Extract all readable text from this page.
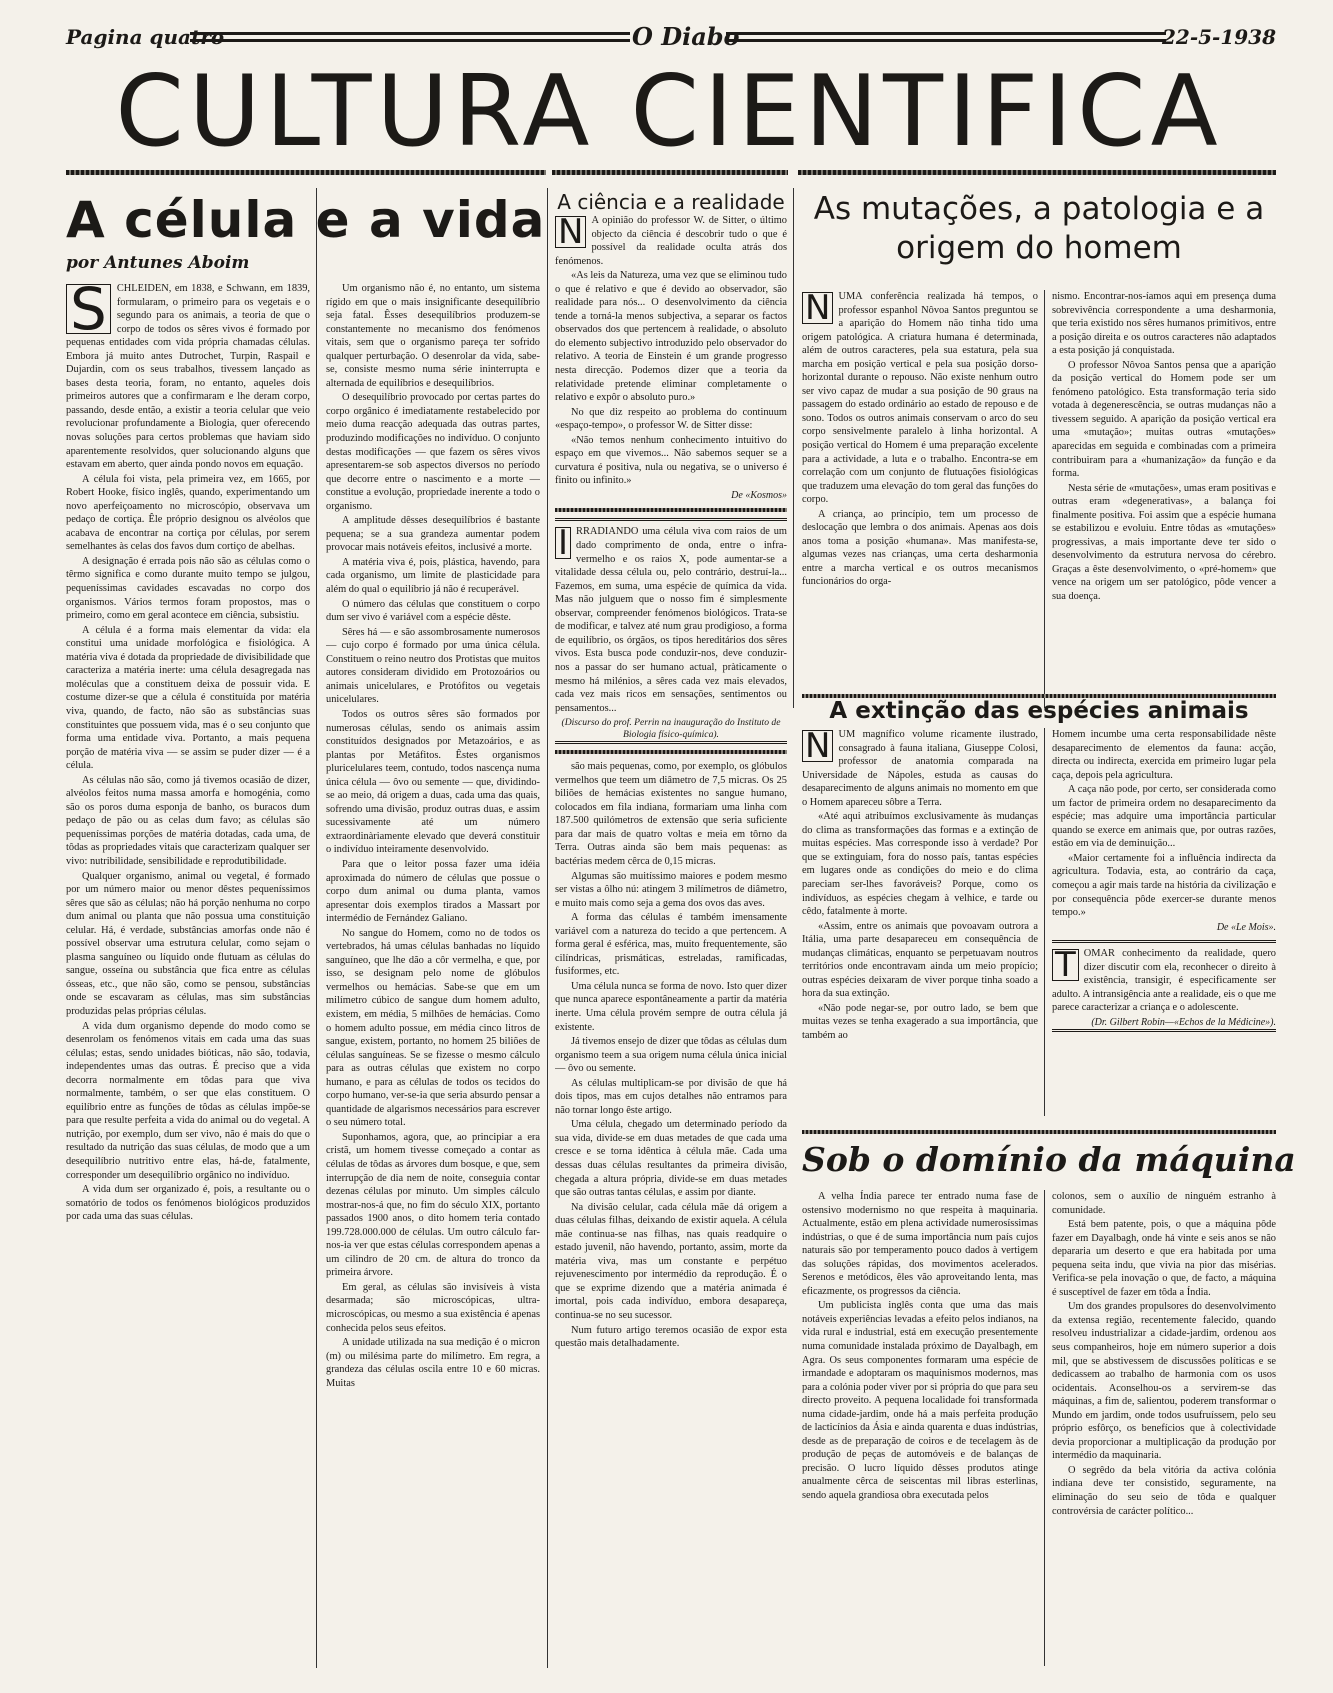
Pagina quatro	O Diabo	22-5-1938
CULTURA CIENTIFICA
A célula e a vida
por Antunes Aboim

S CHLEIDEN, em 1838, e Schwann, em 1839, formularam, o primeiro para os vegetais e o segundo para os animais, a teoria de que o corpo de todos os sêres vivos é formado por pequenas entidades com vida própria chamadas células. Embora já muito antes Dutrochet, Turpin, Raspail e Dujardin, com os seus trabalhos, tivessem lançado as bases desta teoria, foram, no entanto, aqueles dois primeiros autores que a confirmaram e lhe deram corpo, passando, desde então, a existir a teoria celular que veio revolucionar profundamente a Biologia, quer oferecendo novas soluções para certos problemas que haviam sido aparentemente resolvidos, quer solucionando alguns que estavam em aberto, quer ainda pondo novos em equação.

A célula foi vista, pela primeira vez, em 1665, por Robert Hooke, físico inglês, quando, experimentando um novo aperfeiçoamento no microscópio, observava um pedaço de cortiça. Êle próprio designou os alvéolos que acabava de encontrar na cortiça por células, por serem semelhantes às celas dos favos dum cortiço de abelhas.

A designação é errada pois não são as células como o têrmo significa e como durante muito tempo se julgou, pequeníssimas cavidades escavadas no corpo dos organismos. Vários termos foram propostos, mas o primeiro, como em geral acontece em ciência, subsistiu.

A célula é a forma mais elementar da vida: ela constitui uma unidade morfológica e fisiológica. A matéria viva é dotada da propriedade de divisibilidade que caracteriza a matéria inerte: uma célula desagregada nas moléculas que a constituem deixa de possuir vida. E costume dizer-se que a célula é constituída por matéria viva, quando, de facto, não são as substâncias suas constituintes que possuem vida, mas é o seu conjunto que forma uma entidade viva. Portanto, a mais pequena porção de matéria viva — se assim se puder dizer — é a célula.

As células não são, como já tivemos ocasião de dizer, alvéolos feitos numa massa amorfa e homogénia, como são os poros duma esponja de banho, os buracos dum pedaço de pão ou as celas dum favo; as células são pequeníssimas porções de matéria dotadas, cada uma, de tôdas as propriedades vitais que caracterizam qualquer ser vivo: nutribilidade, sensibilidade e reprodutibilidade.

Qualquer organismo, animal ou vegetal, é formado por um número maior ou menor dêstes pequeníssimos sêres que são as células; não há porção nenhuma no corpo dum animal ou planta que não possua uma constituição celular. Há, é verdade, substâncias amorfas onde não é possível observar uma estrutura celular, como sejam o plasma sanguíneo ou líquido onde flutuam as células do sangue, osseína ou substância que fica entre as células ósseas, etc., que não são, como se pensou, substâncias onde se escavaram as células, mas sim substâncias produzidas pelas próprias células.

A vida dum organismo depende do modo como se desenrolam os fenómenos vitais em cada uma das suas células; estas, sendo unidades bióticas, não são, todavia, independentes umas das outras. É preciso que a vida decorra normalmente em tôdas para que viva normalmente, também, o ser que elas constituem. O equilíbrio entre as funções de tôdas as células impõe-se para que resulte perfeita a vida do animal ou do vegetal. A nutrição, por exemplo, dum ser vivo, não é mais do que o resultado da nutrição das suas células, de modo que a um desequilíbrio nutritivo entre elas, há-de, fatalmente, corresponder um desequilíbrio orgânico no indivíduo.

A vida dum ser organizado é, pois, a resultante ou o somatório de todos os fenómenos biológicos produzidos por cada uma das suas células.

Um organismo não é, no entanto, um sistema rígido em que o mais insignificante desequilíbrio seja fatal. Êsses desequilíbrios produzem-se constantemente no mecanismo dos fenómenos vitais, sem que o organismo pareça ter sofrido qualquer perturbação. O desenrolar da vida, sabe-se, consiste mesmo numa série ininterrupta e alternada de equilíbrios e desequilíbrios.

O desequilíbrio provocado por certas partes do corpo orgânico é imediatamente restabelecido por meio duma reacção adequada das outras partes, produzindo modificações no indivíduo. O conjunto destas modificações — que fazem os sêres vivos apresentarem-se sob aspectos diversos no período que decorre entre o nascimento e a morte — constitue a evolução, propriedade inerente a todo o organismo.

A amplitude dêsses desequilíbrios é bastante pequena; se a sua grandeza aumentar podem provocar mais notáveis efeitos, inclusivé a morte.

A matéria viva é, pois, plástica, havendo, para cada organismo, um limite de plasticidade para além do qual o equilíbrio já não é recuperável.

O número das células que constituem o corpo dum ser vivo é variável com a espécie dêste.

Sêres há — e são assombrosamente numerosos — cujo corpo é formado por uma única célula. Constituem o reino neutro dos Protistas que muitos autores consideram dividido em Protozoários ou animais unicelulares, e Protófitos ou vegetais unicelulares.

Todos os outros sêres são formados por numerosas células, sendo os animais assim constituídos designados por Metazoários, e as plantas por Metáfitos. Êstes organismos pluricelulares teem, contudo, todos nascença numa única célula — ôvo ou semente — que, dividindo-se ao meio, dá origem a duas, cada uma das quais, sofrendo uma divisão, produz outras duas, e assim sucessivamente até um número extraordinàriamente elevado que deverá constituir o indivíduo inteiramente desenvolvido.

Para que o leitor possa fazer uma idéia aproximada do número de células que possue o corpo dum animal ou duma planta, vamos apresentar dois exemplos tirados a Massart por intermédio de Fernández Galiano.

No sangue do Homem, como no de todos os vertebrados, há umas células banhadas no líquido sanguíneo, que lhe dão a côr vermelha, e que, por isso, se designam pelo nome de glóbulos vermelhos ou hemácias. Sabe-se que em um milímetro cúbico de sangue dum homem adulto, existem, em média, 5 milhões de hemácias. Como o homem adulto possue, em média cinco litros de sangue, existem, portanto, no homem 25 biliões de células sanguíneas. Se se fizesse o mesmo cálculo para as outras células que existem no corpo humano, e para as células de todos os tecidos do corpo humano, ver-se-ia que seria absurdo pensar a quantidade de algarismos necessários para escrever o seu número total.

Suponhamos, agora, que, ao principiar a era cristã, um homem tivesse começado a contar as células de tôdas as árvores dum bosque, e que, sem interrupção de dia nem de noite, conseguia contar dezenas células por minuto. Um simples cálculo mostrar-nos-á que, no fim do século XIX, portanto passados 1900 anos, o dito homem teria contado 199.728.000.000 de células. Um outro cálculo far-nos-ia ver que estas células correspondem apenas a um cilindro de 20 cm. de altura do tronco da primeira árvore.

Em geral, as células são invisíveis à vista desarmada; são microscópicas, ultra-microscópicas, ou mesmo a sua existência é apenas conhecida pelos seus efeitos.

A unidade utilizada na sua medição é o micron (m) ou milésima parte do milímetro. Em regra, a grandeza das células oscila entre 10 e 60 micras. Muitas

A ciência e a realidade

N A opinião do professor W. de Sitter, o último objecto da ciência é descobrir tudo o que é possível da realidade oculta atrás dos fenómenos.

«As leis da Natureza, uma vez que se eliminou tudo o que é relativo e que é devido ao observador, são realidade para nós... O desenvolvimento da ciência tende a torná-la menos subjectiva, a separar os factos observados dos que pertencem à realidade, o absoluto do elemento subjectivo introduzido pelo observador do relativo. A teoria de Einstein é um grande progresso nesta direcção. Podemos dizer que a teoria da relatividade pretende eliminar completamente o relativo e expôr o absoluto puro.»

No que diz respeito ao problema do continuum «espaço-tempo», o professor W. de Sitter disse:

«Não temos nenhum conhecimento intuitivo do espaço em que vivemos... Não sabemos sequer se a curvatura é positiva, nula ou negativa, se o universo é finito ou infinito.»

De «Kosmos»

I RRADIANDO uma célula viva com raios de um dado comprimento de onda, entre o infra-vermelho e os raios X, pode aumentar-se a vitalidade dessa célula ou, pelo contrário, destruí-la... Fazemos, em suma, uma espécie de química da vida. Mas não julguem que o nosso fim é simplesmente observar, compreender fenómenos biológicos. Trata-se de modificar, e talvez até num grau prodigioso, a forma de equilíbrio, os órgãos, os tipos hereditários dos sêres vivos. Esta busca pode conduzir-nos, deve conduzir-nos a passar do ser humano actual, pràticamente o mesmo há milénios, a sêres cada vez mais elevados, cada vez mais ricos em sensações, sentimentos ou pensamentos...

(Discurso do prof. Perrin na inauguração do Instituto de Biologia físico-química).

são mais pequenas, como, por exemplo, os glóbulos vermelhos que teem um diâmetro de 7,5 micras. Os 25 biliões de hemácias existentes no sangue humano, colocados em fila indiana, formariam uma linha com 187.500 quilómetros de extensão que seria suficiente para dar mais de quatro voltas e meia em tôrno da Terra. Outras ainda são bem mais pequenas: as bactérias medem cêrca de 0,15 micras.

Algumas são muitíssimo maiores e podem mesmo ser vistas a ôlho nú: atingem 3 milímetros de diâmetro, e muito mais como seja a gema dos ovos das aves.

A forma das células é também imensamente variável com a natureza do tecido a que pertencem. A forma geral é esférica, mas, muito frequentemente, são cilíndricas, prismáticas, estreladas, ramificadas, fusiformes, etc.

Uma célula nunca se forma de novo. Isto quer dizer que nunca aparece espontâneamente a partir da matéria inerte. Uma célula provém sempre de outra célula já existente.

Já tivemos ensejo de dizer que tôdas as células dum organismo teem a sua origem numa célula única inicial — ôvo ou semente.

As células multiplicam-se por divisão de que há dois tipos, mas em cujos detalhes não entramos para não tornar longo êste artigo.

Uma célula, chegado um determinado período da sua vida, divide-se em duas metades de que cada uma cresce e se torna idêntica à célula mãe. Cada uma dessas duas células resultantes da primeira divisão, chegada a altura própria, divide-se em duas metades que são outras tantas células, e assim por diante.

Na divisão celular, cada célula mãe dá origem a duas células filhas, deixando de existir aquela. A célula mãe continua-se nas filhas, nas quais readquire o estado juvenil, não havendo, portanto, assim, morte da matéria viva, mas um constante e perpétuo rejuvenescimento por intermédio da reprodução. É o que se exprime dizendo que a matéria animada é imortal, pois cada indivíduo, embora desapareça, continua-se no seu sucessor.

Num futuro artigo teremos ocasião de expor esta questão mais detalhadamente.

As mutações, a patologia e a origem do homem

N UMA conferência realizada há tempos, o professor espanhol Nôvoa Santos preguntou se a aparição do Homem não tinha tido uma origem patológica. A criatura humana é determinada, além de outros caracteres, pela sua estatura, pela sua marcha em posição vertical e pela sua posição dorso-horizontal durante o repouso. Não existe nenhum outro ser vivo capaz de mudar a sua posição de 90 graus na passagem do estado ordinário ao estado de repouso e de sono. Todos os outros animais conservam o arco do seu corpo sensivelmente paralelo à linha horizontal. A posição vertical do Homem é uma preparação excelente para a actividade, a luta e o trabalho. Encontra-se em correlação com um conjunto de flutuações fisiológicas que traduzem uma elevação do tom geral das funções do corpo.

A criança, ao princípio, tem um processo de deslocação que lembra o dos animais. Apenas aos dois anos toma a posição «humana». Mas manifesta-se, algumas vezes nas crianças, uma certa desharmonia entre a marcha vertical e os outros mecanismos funcionários do orga-

nismo. Encontrar-nos-íamos aqui em presença duma sobrevivência correspondente a uma desharmonia, que teria existido nos sêres humanos primitivos, entre a posição direita e os outros caracteres não adaptados a esta posição já conquistada.

O professor Nôvoa Santos pensa que a aparição da posição vertical do Homem pode ser um fenómeno patológico. Esta transformação teria sido votada à degenerescência, se outras mudanças não a tivessem seguido. A aparição da posição vertical era uma «mutação»; muitas outras «mutações» aparecidas em seguida e combinadas com a primeira contribuiram para a «humanização» da função e da forma.

Nesta série de «mutações», umas eram positivas e outras eram «degenerativas», a balança foi finalmente positiva. Foi assim que a espécie humana se estabilizou e evoluiu. Entre tôdas as «mutações» progressivas, a mais importante deve ter sido o desenvolvimento da estrutura nervosa do cérebro. Graças a êste desenvolvimento, o «pré-homem» que vence na origem um ser patológico, pôde vencer a sua doença.

A extinção das espécies animais

N UM magnífico volume ricamente ilustrado, consagrado à fauna italiana, Giuseppe Colosi, professor de anatomia comparada na Universidade de Nápoles, estuda as causas do desaparecimento de alguns animais no momento em que o Homem apareceu sôbre a Terra.

«Até aqui atribuímos exclusivamente às mudanças do clima as transformações das formas e a extinção de muitas espécies. Mas corresponde isso à verdade? Por que se extinguiam, fora do nosso país, tantas espécies em lugares onde as condições do meio e do clima pareciam ser-lhes favoráveis? Porque, como os indivíduos, as espécies chegam à velhice, e tarde ou cêdo, fatalmente à morte.

«Assim, entre os animais que povoavam outrora a Itália, uma parte desapareceu em consequência de mudanças climáticas, enquanto se perpetuavam noutros territórios onde encontravam ainda um meio propício; outras espécies deixaram de viver porque tinha soado a hora da sua extinção.

«Não pode negar-se, por outro lado, se bem que muitas vezes se tenha exagerado a sua importância, que também ao

Homem incumbe uma certa responsabilidade nêste desaparecimento de elementos da fauna: acção, directa ou indirecta, exercida em primeiro lugar pela caça, depois pela agricultura.

A caça não pode, por certo, ser considerada como um factor de primeira ordem no desaparecimento da espécie; mas adquire uma importância particular quando se exerce em animais que, por outras razões, estão em via de deminuição...

«Maior certamente foi a influência indirecta da agricultura. Todavia, esta, ao contrário da caça, começou a agir mais tarde na história da civilização e por consequência pôde exercer-se durante menos tempo.»

De «Le Mois».

T OMAR conhecimento da realidade, quero dizer discutir com ela, reconhecer o direito à existência, transigir, é especificamente ser adulto. A intransigência ante a realidade, eis o que me parece caracterizar a criança e o adolescente.

(Dr. Gilbert Robin—«Echos de la Médicine»).
Sob o domínio da máquina

A velha Índia parece ter entrado numa fase de ostensivo modernismo no que respeita à maquinaria. Actualmente, estão em plena actividade numerosíssimas indústrias, o que é de suma importância num país cujos naturais são por temperamento pouco dados à vertigem das soluções rápidas, dos movimentos acelerados. Serenos e metódicos, êles vão aproveitando lenta, mas eficazmente, os progressos da ciência.

Um publicista inglês conta que uma das mais notáveis experiências levadas a efeito pelos indianos, na vida rural e industrial, está em execução presentemente numa comunidade instalada próximo de Dayalbagh, em Agra. Os seus componentes formaram uma espécie de irmandade e adoptaram os maquinismos modernos, mas para a colónia poder viver por si própria do que para seu directo proveito. A pequena localidade foi transformada numa cidade-jardim, onde há a mais perfeita produção de lacticínios da Ásia e ainda quarenta e duas indústrias, desde as de preparação de coiros e de tecelagem às de produção de peças de automóveis e de balanças de precisão. O lucro líquido dêsses produtos atinge anualmente cêrca de seiscentas mil libras esterlinas, sendo aquela grandiosa obra executada pelos

colonos, sem o auxílio de ninguém estranho à comunidade.

Está bem patente, pois, o que a máquina pôde fazer em Dayalbagh, onde há vinte e seis anos se não depararia um deserto e que era habitada por uma pequena seita indu, que vivia na pior das misérias. Verifica-se pela inovação o que, de facto, a máquina é susceptível de fazer em tôda a Índia.

Um dos grandes propulsores do desenvolvimento da extensa região, recentemente falecido, quando resolveu industrializar a cidade-jardim, ordenou aos seus companheiros, hoje em número superior a dois mil, que se abstivessem de discussões políticas e se dedicassem ao trabalho de harmonia com os usos ocidentais. Aconselhou-os a servirem-se das máquinas, a fim de, salientou, poderem transformar o Mundo em jardim, onde todos usufruíssem, pelo seu próprio esfôrço, os benefícios que à colectividade devia proporcionar a multiplicação da produção por intermédio da maquinaria.

O segrêdo da bela vitória da activa colónia indiana deve ter consistido, seguramente, na eliminação do seu seio de tôda e qualquer controvérsia de carácter político...
